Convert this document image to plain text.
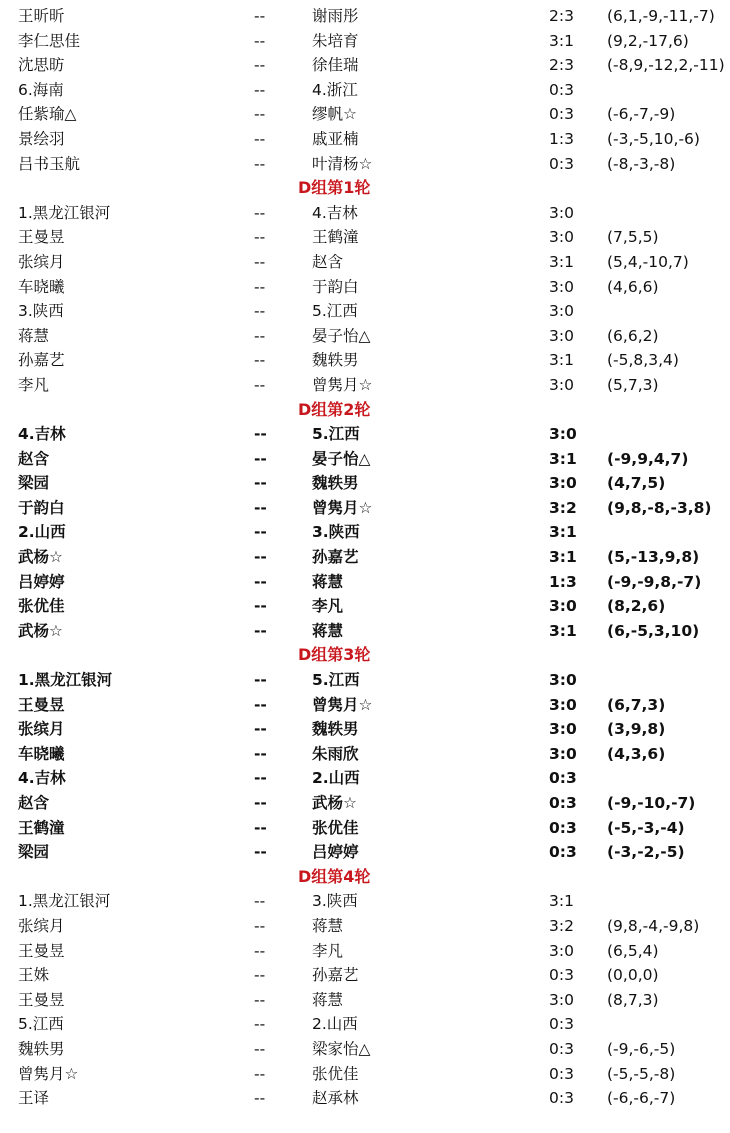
王昕昕	--	谢雨彤	2:3 (6,1,-9,-11,-7)
李仁思佳	--	朱培育	3:1 (9,2,-17,6)
沈思昉	--	徐佳瑞	2:3 (-8,9,-12,2,-11)
6.海南	--	4.浙江	0:3
任紫瑜△	--	缪帆☆	0:3 (-6,-7,-9)
景绘羽	--	戚亚楠	1:3 (-3,-5,10,-6)
吕书玉航	--	叶清杨☆	0:3 (-8,-3,-8)
D组第1轮
1.黑龙江银河	--	4.吉林	3:0
王曼昱	--	王鹤潼	3:0 (7,5,5)
张缤月	--	赵含	3:1 (5,4,-10,7)
车晓曦	--	于韵白	3:0 (4,6,6)
3.陕西	--	5.江西	3:0
蒋慧	--	晏子怡△	3:0 (6,6,2)
孙嘉艺	--	魏轶男	3:1 (-5,8,3,4)
李凡	--	曾隽月☆	3:0 (5,7,3)
D组第2轮
4.吉林	--	5.江西	3:0
赵含	--	晏子怡△	3:1 (-9,9,4,7)
梁园	--	魏轶男	3:0 (4,7,5)
于韵白	--	曾隽月☆	3:2 (9,8,-8,-3,8)
2.山西	--	3.陕西	3:1
武杨☆	--	孙嘉艺	3:1 (5,-13,9,8)
吕婷婷	--	蒋慧	1:3 (-9,-9,8,-7)
张优佳	--	李凡	3:0 (8,2,6)
武杨☆	--	蒋慧	3:1 (6,-5,3,10)
D组第3轮
1.黑龙江银河	--	5.江西	3:0
王曼昱	--	曾隽月☆	3:0 (6,7,3)
张缤月	--	魏轶男	3:0 (3,9,8)
车晓曦	--	朱雨欣	3:0 (4,3,6)
4.吉林	--	2.山西	0:3
赵含	--	武杨☆	0:3 (-9,-10,-7)
王鹤潼	--	张优佳	0:3 (-5,-3,-4)
梁园	--	吕婷婷	0:3 (-3,-2,-5)
D组第4轮
1.黑龙江银河	--	3.陕西	3:1
张缤月	--	蒋慧	3:2 (9,8,-4,-9,8)
王曼昱	--	李凡	3:0 (6,5,4)
王姝	--	孙嘉艺	0:3 (0,0,0)
王曼昱	--	蒋慧	3:0 (8,7,3)
5.江西	--	2.山西	0:3
魏轶男	--	梁家怡△	0:3 (-9,-6,-5)
曾隽月☆	--	张优佳	0:3 (-5,-5,-8)
王译	--	赵承林	0:3 (-6,-6,-7)
